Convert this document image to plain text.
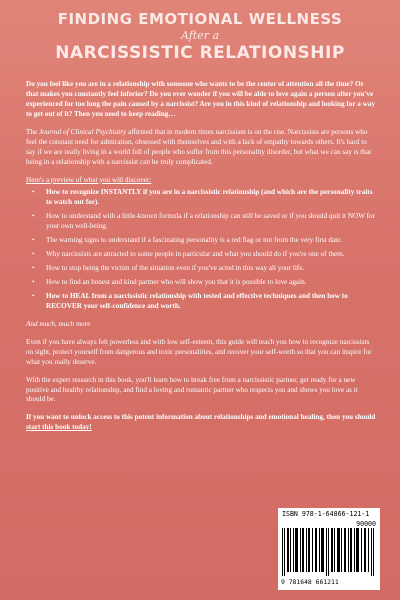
FINDING EMOTIONAL WELLNESS
After a
NARCISSISTIC RELATIONSHIP

Do you feel like you are in a relationship with someone who wants to be the center of attention all the time? Or that makes you constantly feel inferior? Do you ever wonder if you will be able to love again a person after you've experienced for too long the pain caused by a narcissist? Are you in this kind of relationship and looking for a way to get out of it? Then you need to keep reading…

The Journal of Clinical Psychiatry affirmed that in modern times narcissism is on the rise. Narcissists are persons who feel the constant need for admiration, obsessed with themselves and with a lack of empathy towards others. It's hard to say if we are really living in a world full of people who suffer from this personality disorder, but what we can say is that being in a relationship with a narcissist can be truly complicated.

Here's a preview of what you will discover:

• How to recognize INSTANTLY if you are in a narcissistic relationship (and which are the personality traits to watch out for).
• How to understand with a little-known formula if a relationship can still be saved or if you should quit it NOW for your own well-being.
• The warning signs to understand if a fascinating personality is a red flag or not from the very first date.
• Why narcissists are attracted to some people in particular and what you should do if you're one of them.
• How to stop being the victim of the situation even if you've acted in this way all your life.
• How to find an honest and kind partner who will show you that it is possible to love again.
• How to HEAL from a narcissistic relationship with tested and effective techniques and then how to RECOVER your self-confidence and worth.

And much, much more

Even if you have always felt powerless and with low self-esteem, this guide will teach you how to recognize narcissists on sight, protect yourself from dangerous and toxic personalities, and recover your self-worth so that you can inspire for what you really deserve.

With the expert research in this book, you'll learn how to break free from a narcissistic partner, get ready for a new positive and healthy relationship, and find a loving and romantic partner who respects you and shows you love as it should be.

If you want to unlock access to this potent information about relationships and emotional healing, then you should start this book today!

ISBN 978-1-64866-121-1
90000
9 781648 661211
